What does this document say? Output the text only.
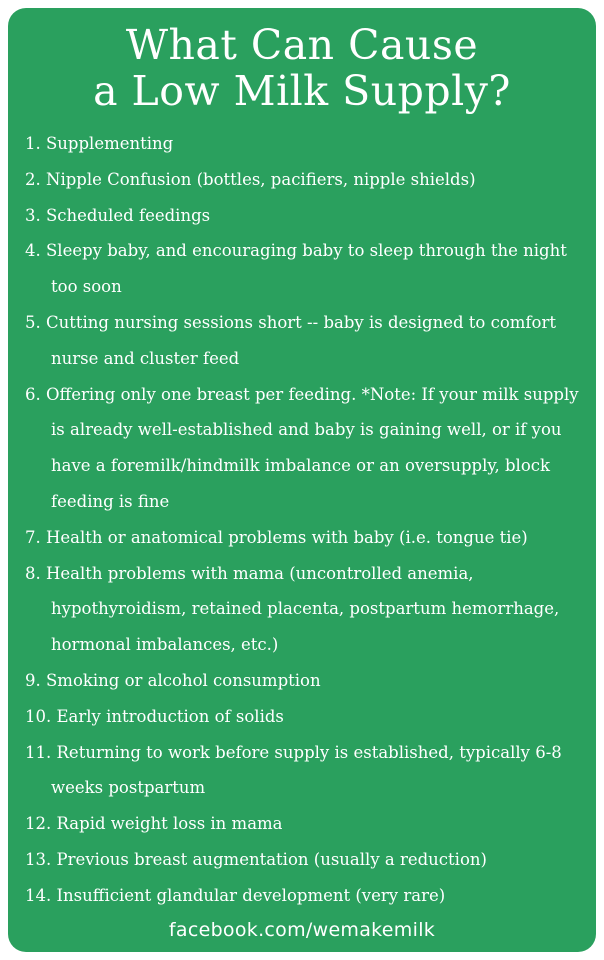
What Can Cause
a Low Milk Supply?
1. Supplementing
2. Nipple Confusion (bottles, pacifiers, nipple shields)
3. Scheduled feedings
4. Sleepy baby, and encouraging baby to sleep through the night too soon
5. Cutting nursing sessions short -- baby is designed to comfort nurse and cluster feed
6. Offering only one breast per feeding. *Note: If your milk supply is already well-established and baby is gaining well, or if you have a foremilk/hindmilk imbalance or an oversupply, block feeding is fine
7. Health or anatomical problems with baby (i.e. tongue tie)
8. Health problems with mama (uncontrolled anemia, hypothyroidism, retained placenta, postpartum hemorrhage, hormonal imbalances, etc.)
9. Smoking or alcohol consumption
10. Early introduction of solids
11. Returning to work before supply is established, typically 6-8 weeks postpartum
12. Rapid weight loss in mama
13. Previous breast augmentation (usually a reduction)
14. Insufficient glandular development (very rare)
facebook.com/wemakemilk
